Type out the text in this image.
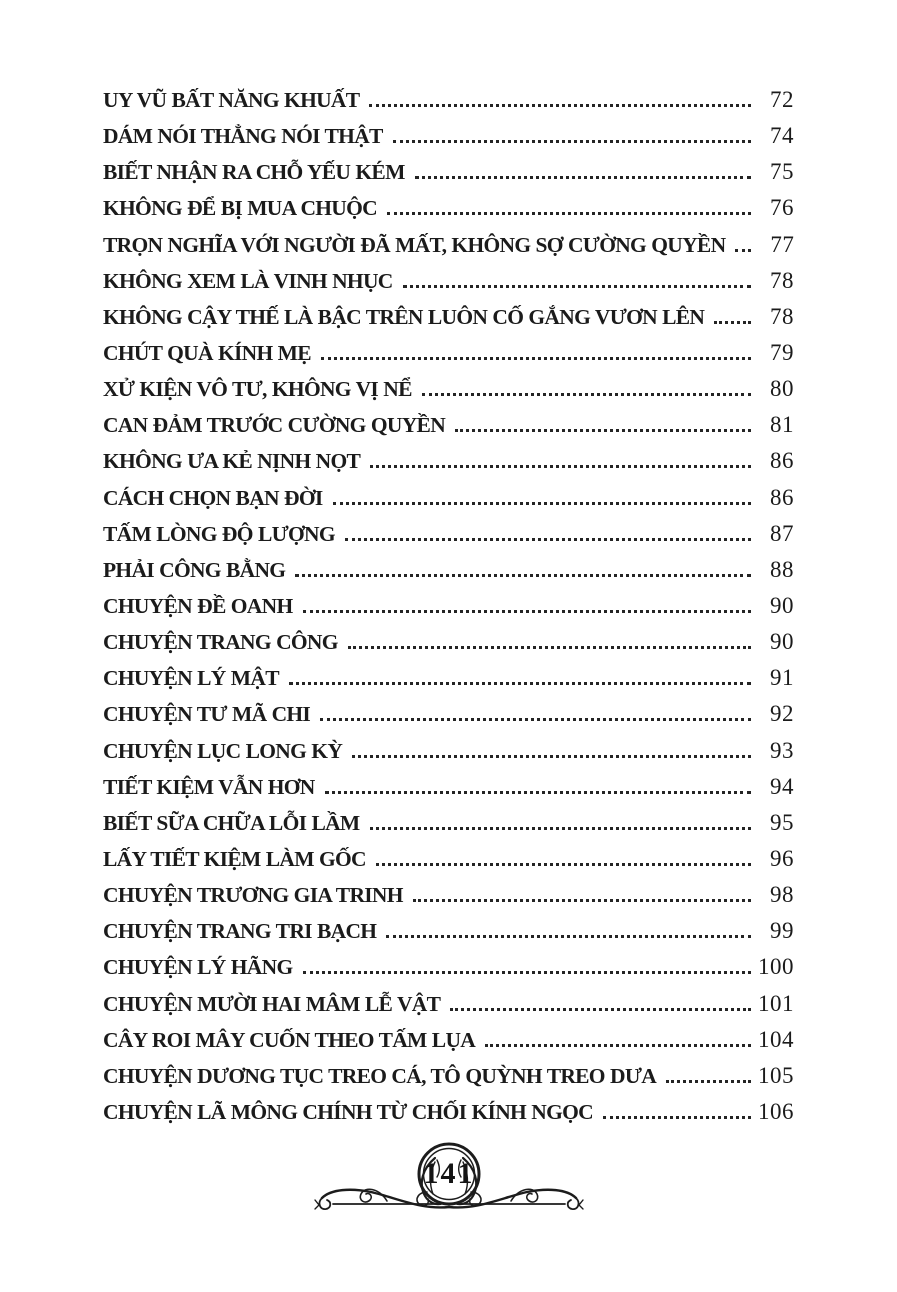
UY VŨ BẤT NĂNG KHUẤT	72
DÁM NÓI THẲNG NÓI THẬT	74
BIẾT NHẬN RA CHỖ YẾU KÉM	75
KHÔNG ĐỂ BỊ MUA CHUỘC	76
TRỌN NGHĨA VỚI NGƯỜI ĐÃ MẤT, KHÔNG SỢ CƯỜNG QUYỀN	77
KHÔNG XEM LÀ VINH NHỤC	78
KHÔNG CẬY THẾ LÀ BẬC TRÊN LUÔN CỐ GẮNG VƯƠN LÊN	78
CHÚT QUÀ KÍNH MẸ	79
XỬ KIỆN VÔ TƯ, KHÔNG VỊ NỂ	80
CAN ĐẢM TRƯỚC CƯỜNG QUYỀN	81
KHÔNG ƯA KẺ NỊNH NỌT	86
CÁCH CHỌN BẠN ĐỜI	86
TẤM LÒNG ĐỘ LƯỢNG	87
PHẢI CÔNG BẰNG	88
CHUYỆN ĐỀ OANH	90
CHUYỆN TRANG CÔNG	90
CHUYỆN LÝ MẬT	91
CHUYỆN TƯ MÃ CHI	92
CHUYỆN LỤC LONG KỲ	93
TIẾT KIỆM VẪN HƠN	94
BIẾT SỮA CHỮA LỖI LẦM	95
LẤY TIẾT KIỆM LÀM GỐC	96
CHUYỆN TRƯƠNG GIA TRINH	98
CHUYỆN TRANG TRI BẠCH	99
CHUYỆN LÝ HÃNG	100
CHUYỆN MƯỜI HAI MÂM LỄ VẬT	101
CÂY ROI MÂY CUỐN THEO TẤM LỤA	104
CHUYỆN DƯƠNG TỤC TREO CÁ, TÔ QUỲNH TREO DƯA	105
CHUYỆN LÃ MÔNG CHÍNH TỪ CHỐI KÍNH NGỌC	106
141
